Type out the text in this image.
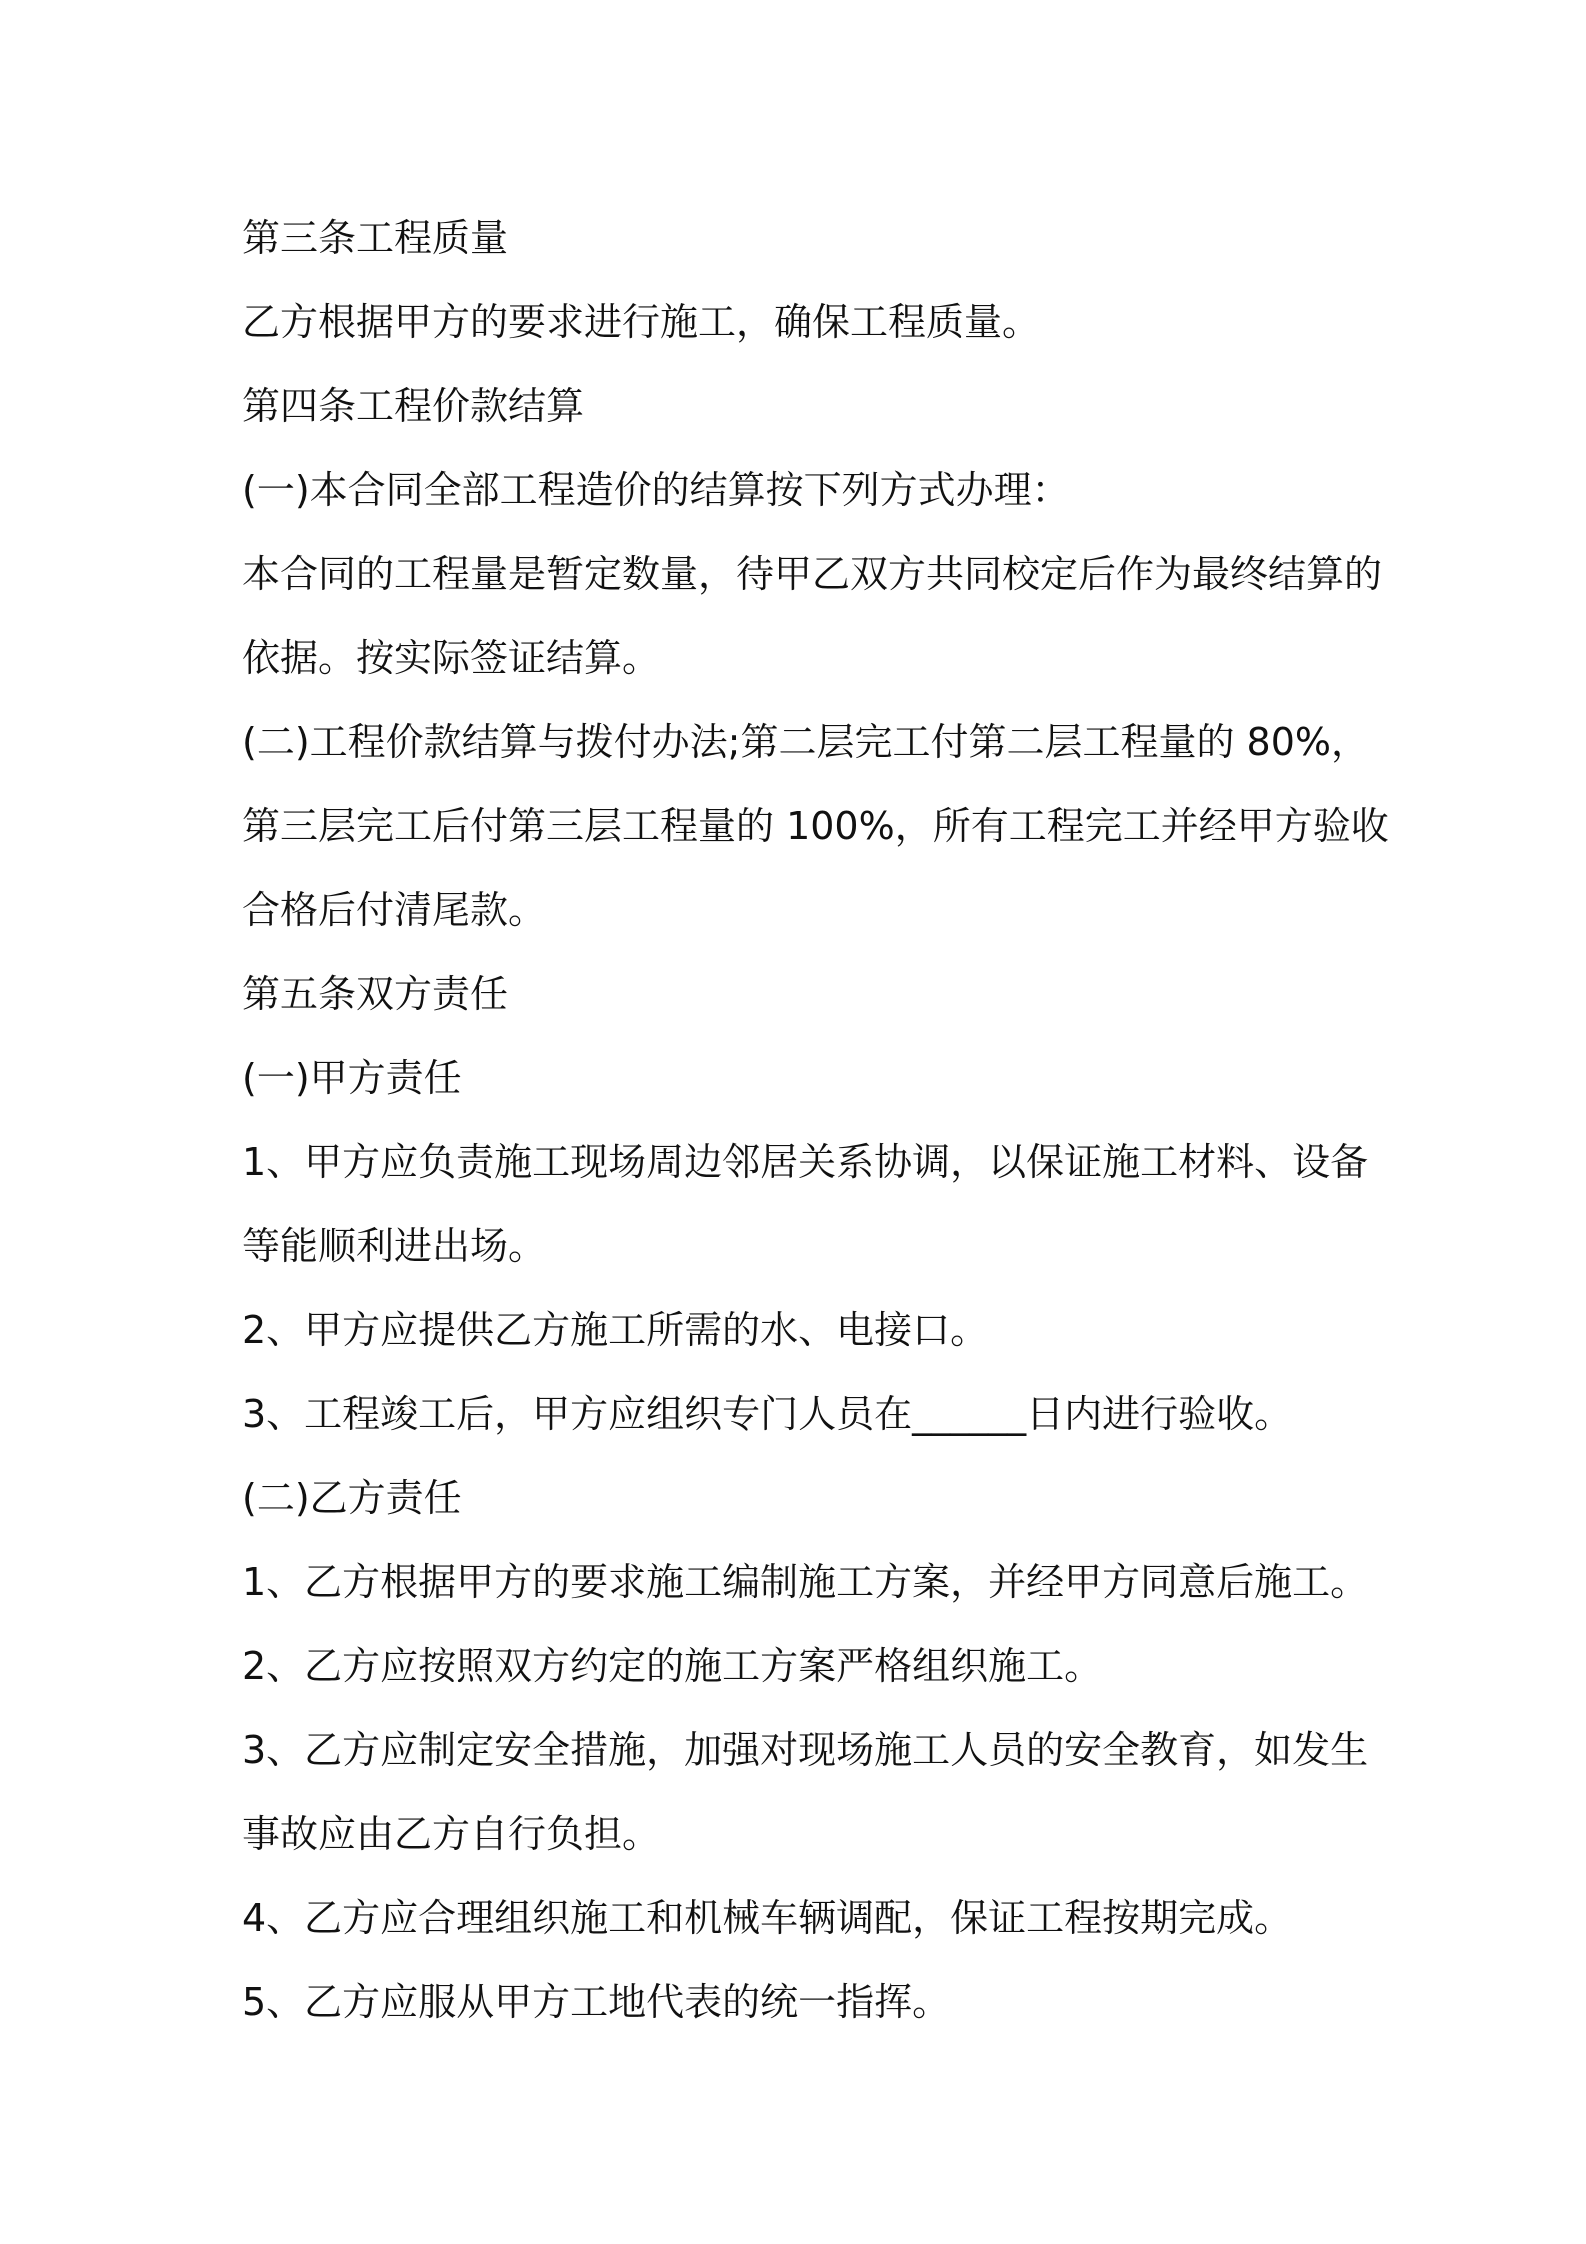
第三条工程质量

乙方根据甲方的要求进行施工，确保工程质量。

第四条工程价款结算

(一)本合同全部工程造价的结算按下列方式办理：

本合同的工程量是暂定数量，待甲乙双方共同校定后作为最终结算的

依据。按实际签证结算。

(二)工程价款结算与拨付办法;第二层完工付第二层工程量的 80%，

第三层完工后付第三层工程量的 100%，所有工程完工并经甲方验收

合格后付清尾款。

第五条双方责任

(一)甲方责任

1、甲方应负责施工现场周边邻居关系协调，以保证施工材料、设备

等能顺利进出场。

2、甲方应提供乙方施工所需的水、电接口。

3、工程竣工后，甲方应组织专门人员在______日内进行验收。

(二)乙方责任

1、乙方根据甲方的要求施工编制施工方案，并经甲方同意后施工。

2、乙方应按照双方约定的施工方案严格组织施工。

3、乙方应制定安全措施，加强对现场施工人员的安全教育，如发生

事故应由乙方自行负担。

4、乙方应合理组织施工和机械车辆调配，保证工程按期完成。

5、乙方应服从甲方工地代表的统一指挥。
